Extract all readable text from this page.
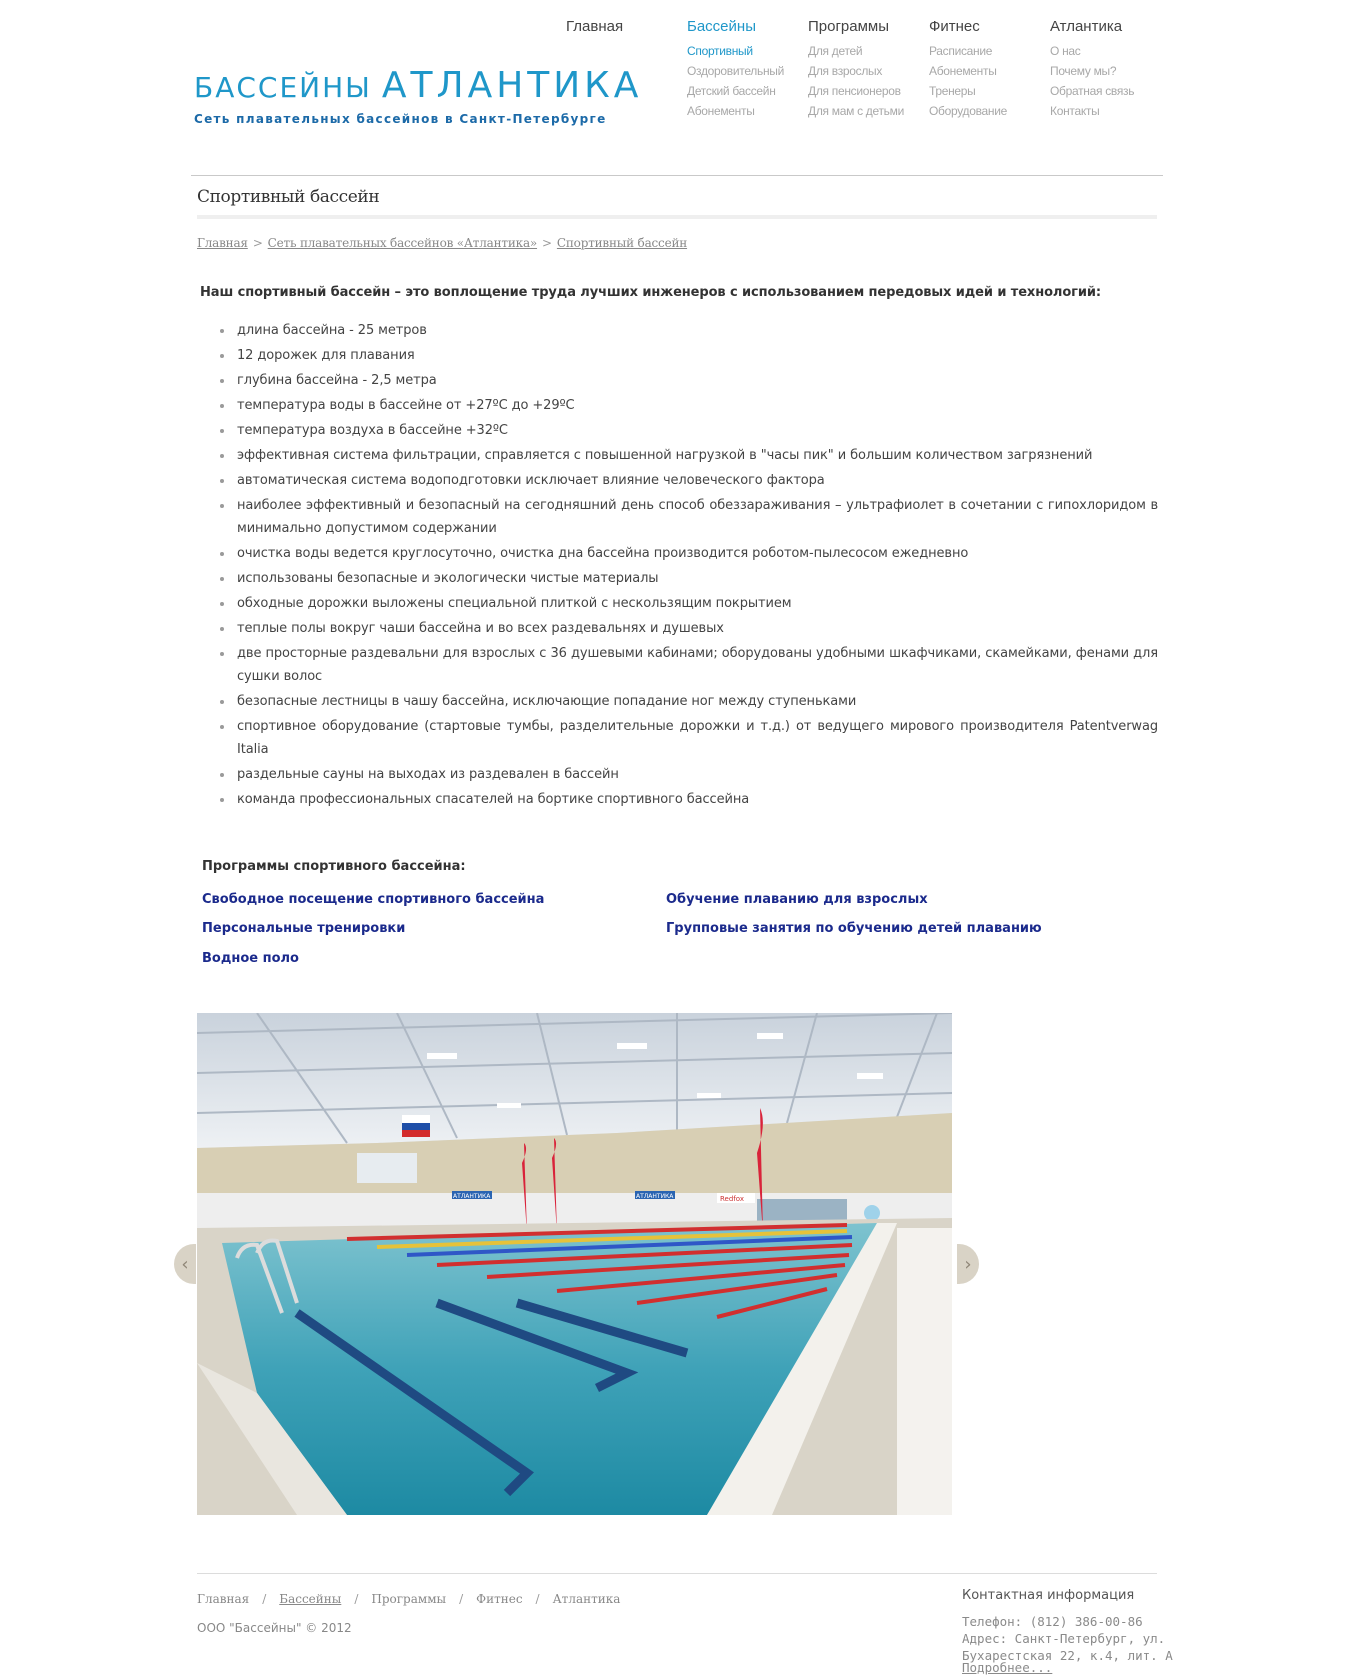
БАССЕЙНЫ АТЛАНТИКА
Сеть плавательных бассейнов в Санкт-Петербурге
Главная	Бассейны
Спортивный
Оздоровительный
Детский бассейн
Абонементы
Программы
Для детей
Для взрослых
Для пенсионеров
Для мам с детьми
Фитнес
Расписание
Абонементы
Тренеры
Оборудование
Атлантика
О нас
Почему мы?
Обратная связь
Контакты
Спортивный бассейн
Главная > Сеть плавательных бассейнов «Атлантика» > Спортивный бассейн
Наш спортивный бассейн – это воплощение труда лучших инженеров с использованием передовых идей и технологий:
длина бассейна - 25 метров
12 дорожек для плавания
глубина бассейна - 2,5 метра
температура воды в бассейне от +27ºС до +29ºС
температура воздуха в бассейне +32ºС
эффективная система фильтрации, справляется с повышенной нагрузкой в "часы пик" и большим количеством загрязнений
автоматическая система водоподготовки исключает влияние человеческого фактора
наиболее эффективный и безопасный на сегодняшний день способ обеззараживания – ультрафиолет в сочетании с гипохлоридом в минимально допустимом содержании
очистка воды ведется круглосуточно, очистка дна бассейна производится роботом-пылесосом ежедневно
использованы безопасные и экологически чистые материалы
обходные дорожки выложены специальной плиткой с нескользящим покрытием
теплые полы вокруг чаши бассейна и во всех раздевальнях и душевых
две просторные раздевальни для взрослых с 36 душевыми кабинами; оборудованы удобными шкафчиками, скамейками, фенами для сушки волос
безопасные лестницы в чашу бассейна, исключающие попадание ног между ступеньками
спортивное оборудование (стартовые тумбы, разделительные дорожки и т.д.) от ведущего мирового производителя Patentverwag Italia
раздельные сауны на выходах из раздевален в бассейн
команда профессиональных спасателей на бортике спортивного бассейна
Программы спортивного бассейна:
Свободное посещение спортивного бассейна	Обучение плаванию для взрослых
Персональные тренировки	Групповые занятия по обучению детей плаванию
Водное поло
‹
АТЛАНТИКА	АТЛАНТИКА	Redfox
›
Главная / Бассейны / Программы / Фитнес / Атлантика
ООО "Бассейны" © 2012
Контактная информация
Телефон: (812) 386-00-86
Адрес: Санкт-Петербург, ул.
Бухарестская 22, к.4, лит. А
Подробнее...
